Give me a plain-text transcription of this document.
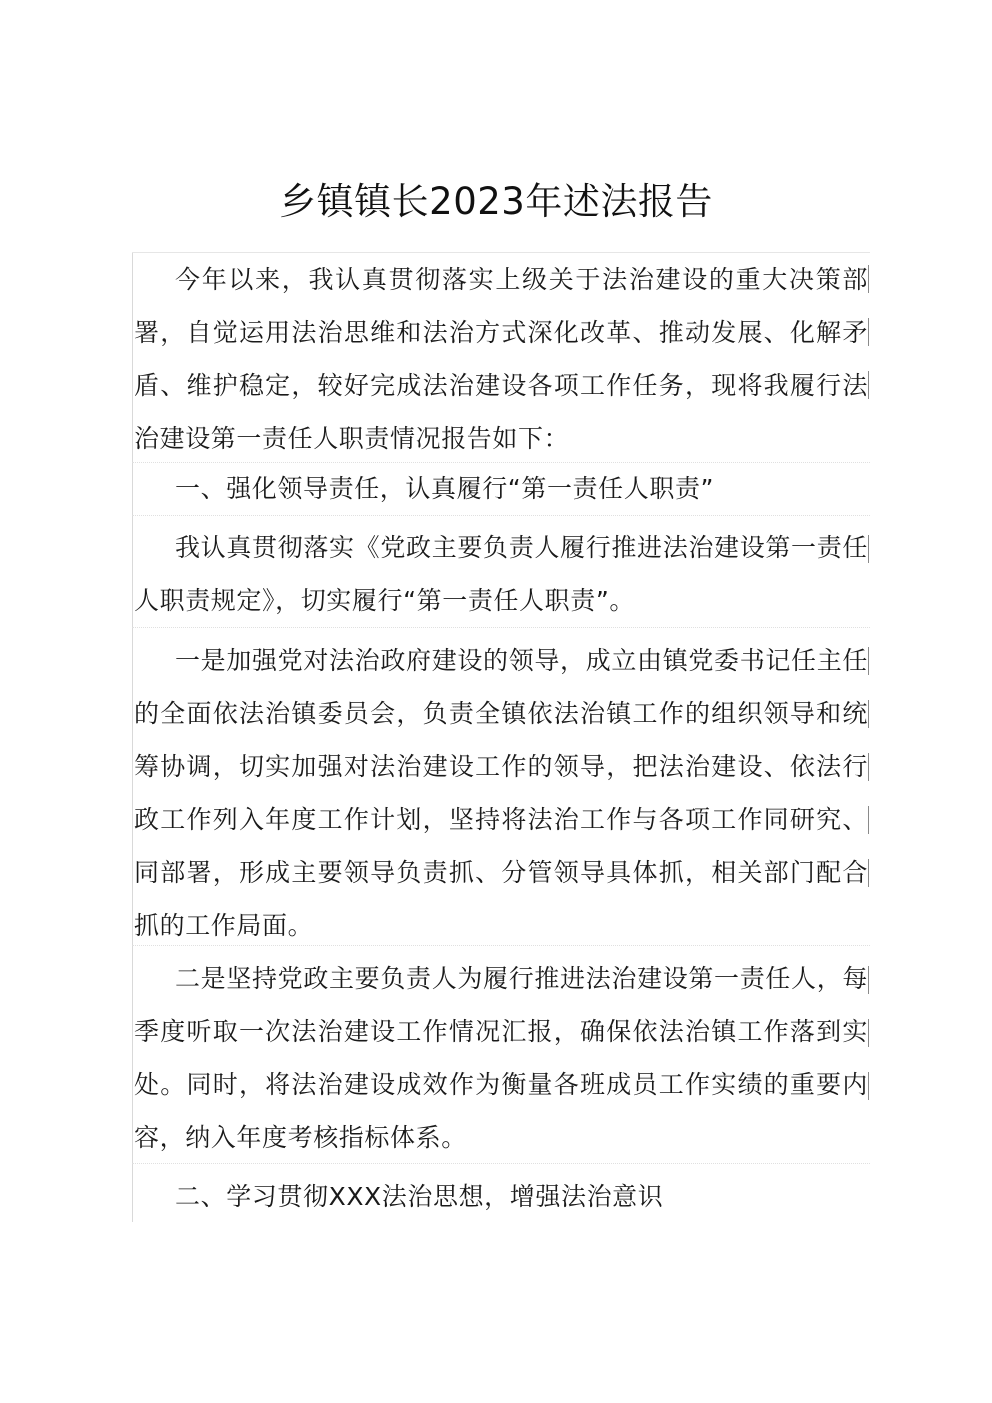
乡镇镇长2023年述法报告

今年以来，我认真贯彻落实上级关于法治建设的重大决策部署，自觉运用法治思维和法治方式深化改革、推动发展、化解矛盾、维护稳定，较好完成法治建设各项工作任务，现将我履行法治建设第一责任人职责情况报告如下：

一、强化领导责任，认真履行“第一责任人职责”

我认真贯彻落实《党政主要负责人履行推进法治建设第一责任人职责规定》，切实履行“第一责任人职责”。

一是加强党对法治政府建设的领导，成立由镇党委书记任主任的全面依法治镇委员会，负责全镇依法治镇工作的组织领导和统筹协调，切实加强对法治建设工作的领导，把法治建设、依法行政工作列入年度工作计划，坚持将法治工作与各项工作同研究、同部署，形成主要领导负责抓、分管领导具体抓，相关部门配合抓的工作局面。

二是坚持党政主要负责人为履行推进法治建设第一责任人，每季度听取一次法治建设工作情况汇报，确保依法治镇工作落到实处。同时，将法治建设成效作为衡量各班成员工作实绩的重要内容，纳入年度考核指标体系。

二、学习贯彻XXX法治思想，增强法治意识
